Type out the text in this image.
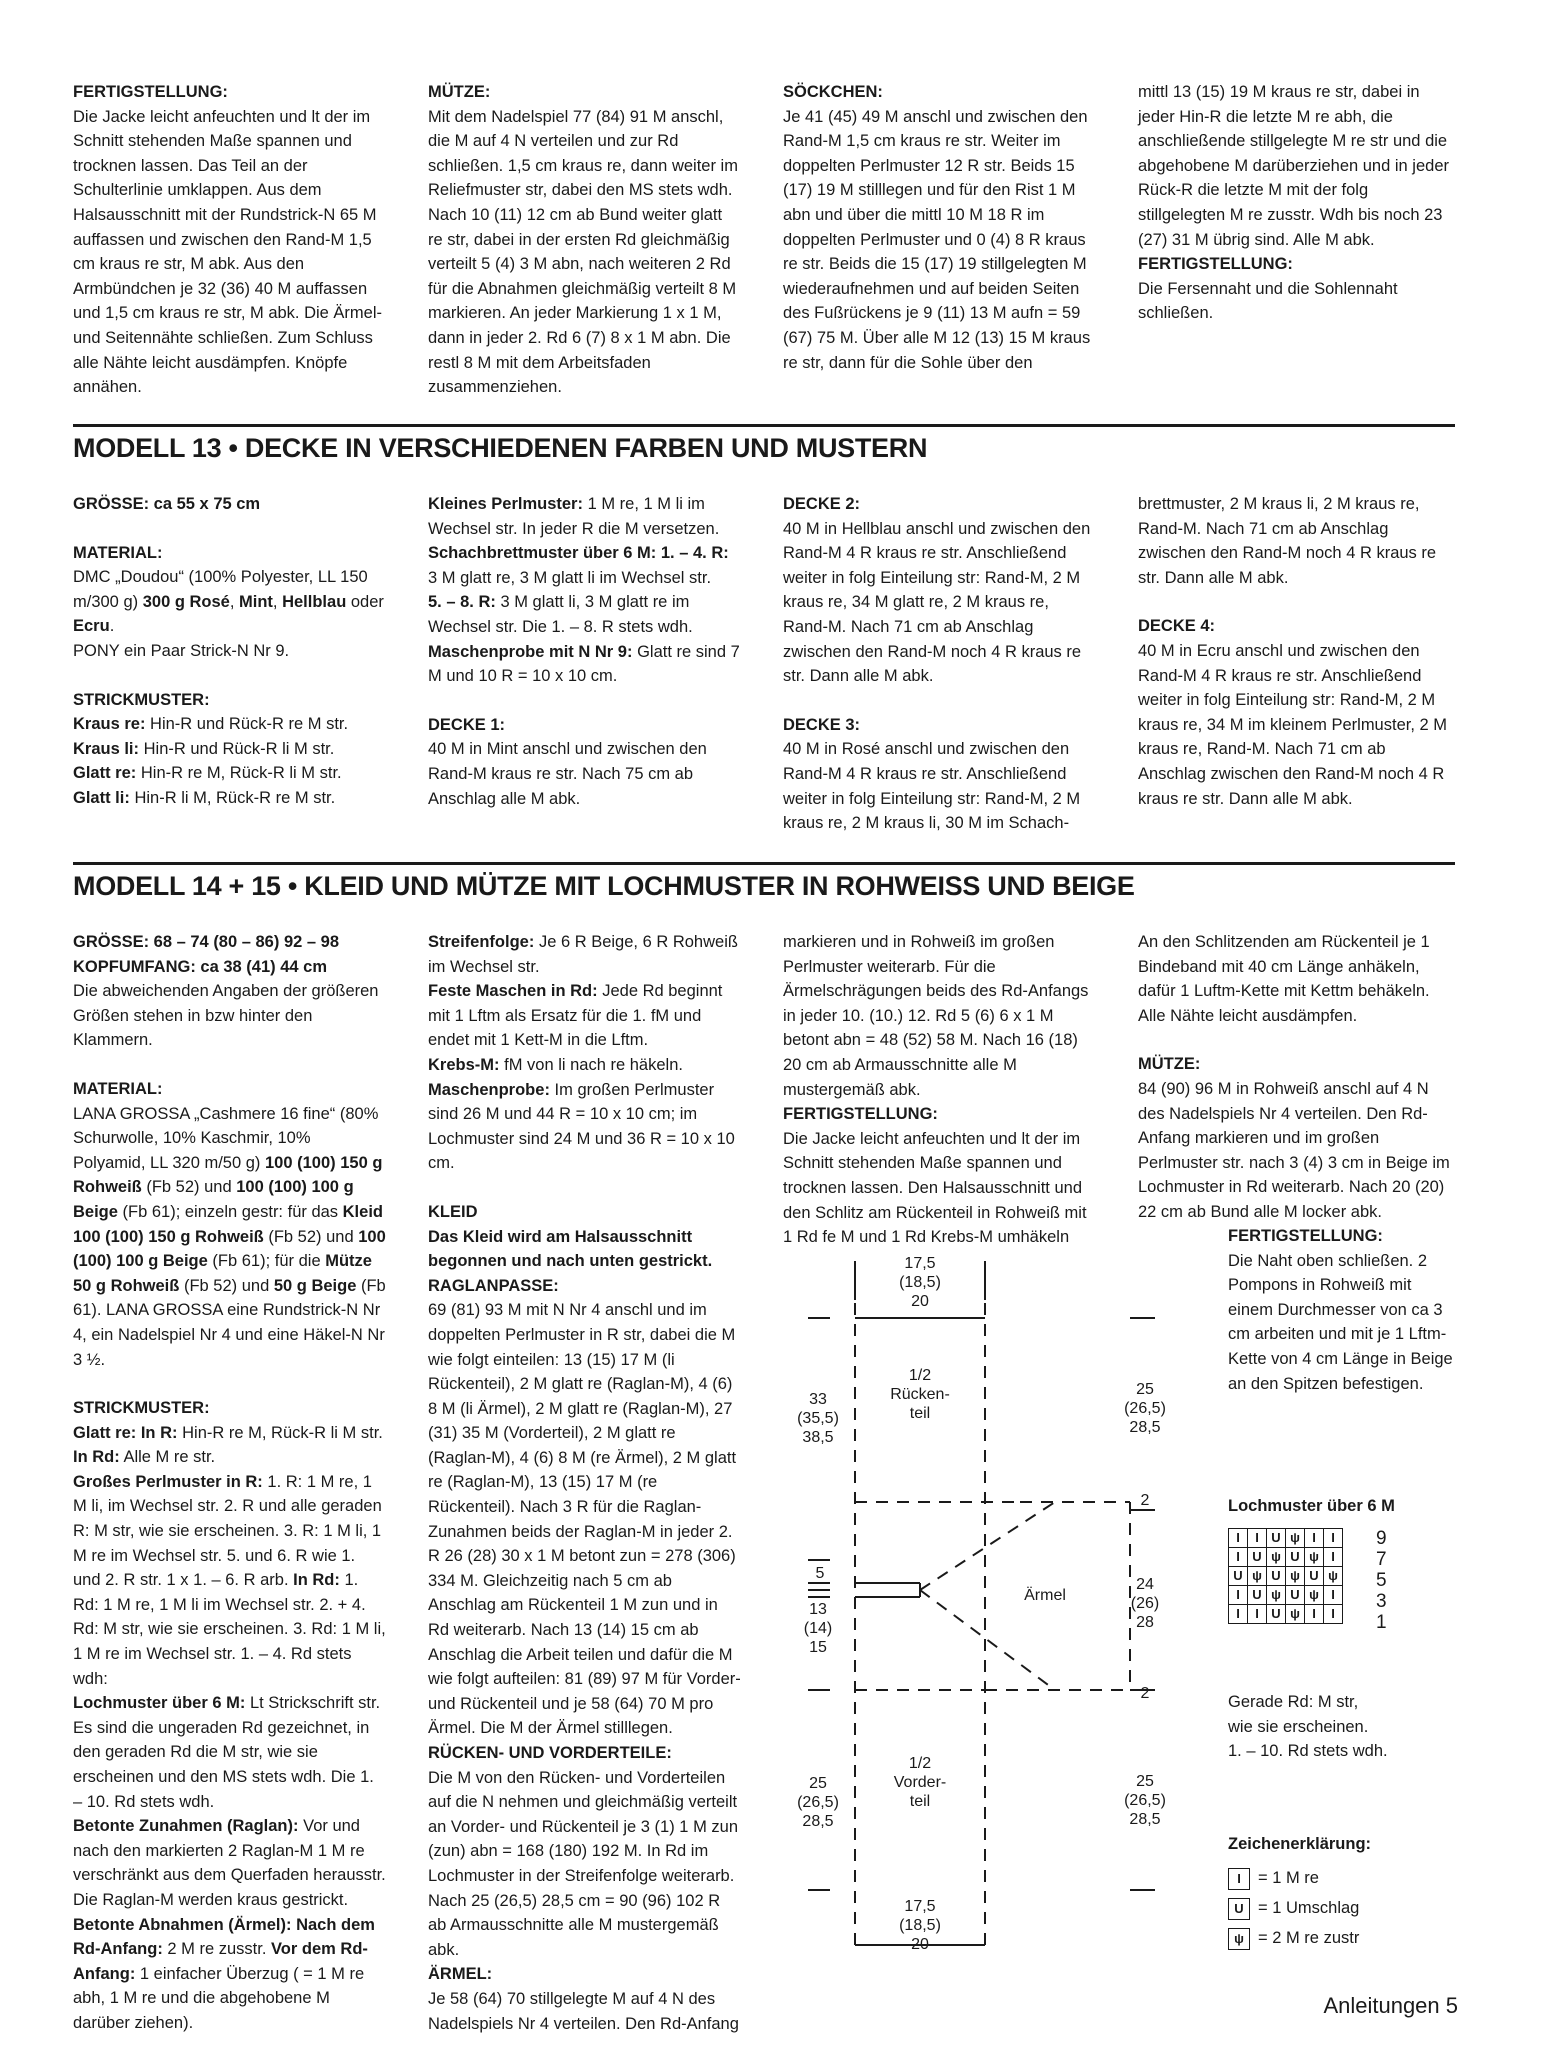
FERTIGSTELLUNG:

Die Jacke leicht anfeuchten und lt der im Schnitt stehenden Maße spannen und trocknen lassen. Das Teil an der Schulterlinie umklappen. Aus dem Halsausschnitt mit der Rundstrick-N 65 M auffassen und zwischen den Rand-M 1,5 cm kraus re str, M abk. Aus den Armbündchen je 32 (36) 40 M auffassen und 1,5 cm kraus re str, M abk. Die Ärmel- und Seitennähte schließen. Zum Schluss alle Nähte leicht ausdämpfen. Knöpfe annähen.

MÜTZE:

Mit dem Nadelspiel 77 (84) 91 M anschl, die M auf 4 N verteilen und zur Rd schließen. 1,5 cm kraus re, dann weiter im Reliefmuster str, dabei den MS stets wdh. Nach 10 (11) 12 cm ab Bund weiter glatt re str, dabei in der ersten Rd gleichmäßig verteilt 5 (4) 3 M abn, nach weiteren 2 Rd für die Abnahmen gleichmäßig verteilt 8 M markieren. An jeder Markierung 1 x 1 M, dann in jeder 2. Rd 6 (7) 8 x 1 M abn. Die restl 8 M mit dem Arbeitsfaden zusammenziehen.

SÖCKCHEN:

Je 41 (45) 49 M anschl und zwischen den Rand-M 1,5 cm kraus re str. Weiter im doppelten Perlmuster 12 R str. Beids 15 (17) 19 M stilllegen und für den Rist 1 M abn und über die mittl 10 M 18 R im doppelten Perlmuster und 0 (4) 8 R kraus re str. Beids die 15 (17) 19 stillgelegten M wiederaufnehmen und auf beiden Seiten des Fußrückens je 9 (11) 13 M aufn = 59 (67) 75 M. Über alle M 12 (13) 15 M kraus re str, dann für die Sohle über den

mittl 13 (15) 19 M kraus re str, dabei in jeder Hin-R die letzte M re abh, die anschließende stillgelegte M re str und die abgehobene M darüberziehen und in jeder Rück-R die letzte M mit der folg stillgelegten M re zusstr. Wdh bis noch 23 (27) 31 M übrig sind. Alle M abk.

FERTIGSTELLUNG:

Die Fersennaht und die Sohlennaht schließen.

MODELL 13 • DECKE IN VERSCHIEDENEN FARBEN UND MUSTERN

GRÖSSE: ca 55 x 75 cm

MATERIAL:

DMC „Doudou“ (100% Polyester, LL 150 m/300 g) 300 g Rosé, Mint, Hellblau oder Ecru.

PONY ein Paar Strick-N Nr 9.

STRICKMUSTER:

Kraus re: Hin-R und Rück-R re M str.

Kraus li: Hin-R und Rück-R li M str.

Glatt re: Hin-R re M, Rück-R li M str.

Glatt li: Hin-R li M, Rück-R re M str.

Kleines Perlmuster: 1 M re, 1 M li im Wechsel str. In jeder R die M versetzen.

Schachbrettmuster über 6 M: 1. – 4. R: 3 M glatt re, 3 M glatt li im Wechsel str.

5. – 8. R: 3 M glatt li, 3 M glatt re im Wechsel str. Die 1. – 8. R stets wdh.

Maschenprobe mit N Nr 9: Glatt re sind 7 M und 10 R = 10 x 10 cm.

DECKE 1:

40 M in Mint anschl und zwischen den Rand-M kraus re str. Nach 75 cm ab Anschlag alle M abk.

DECKE 2:

40 M in Hellblau anschl und zwischen den Rand-M 4 R kraus re str. Anschließend weiter in folg Einteilung str: Rand-M, 2 M kraus re, 34 M glatt re, 2 M kraus re, Rand-M. Nach 71 cm ab Anschlag zwischen den Rand-M noch 4 R kraus re str. Dann alle M abk.

DECKE 3:

40 M in Rosé anschl und zwischen den Rand-M 4 R kraus re str. Anschließend weiter in folg Einteilung str: Rand-M, 2 M kraus re, 2 M kraus li, 30 M im Schach-

brettmuster, 2 M kraus li, 2 M kraus re, Rand-M. Nach 71 cm ab Anschlag zwischen den Rand-M noch 4 R kraus re str. Dann alle M abk.

DECKE 4:

40 M in Ecru anschl und zwischen den Rand-M 4 R kraus re str. Anschließend weiter in folg Einteilung str: Rand-M, 2 M kraus re, 34 M im kleinem Perlmuster, 2 M kraus re, Rand-M. Nach 71 cm ab Anschlag zwischen den Rand-M noch 4 R kraus re str. Dann alle M abk.

MODELL 14 + 15 • KLEID UND MÜTZE MIT LOCHMUSTER IN ROHWEISS UND BEIGE

GRÖSSE: 68 – 74 (80 – 86) 92 – 98

KOPFUMFANG: ca 38 (41) 44 cm

Die abweichenden Angaben der größeren Größen stehen in bzw hinter den Klammern.

MATERIAL:

LANA GROSSA „Cashmere 16 fine“ (80% Schurwolle, 10% Kaschmir, 10% Polyamid, LL 320 m/50 g) 100 (100) 150 g Rohweiß (Fb 52) und 100 (100) 100 g Beige (Fb 61); einzeln gestr: für das Kleid 100 (100) 150 g Rohweiß (Fb 52) und 100 (100) 100 g Beige (Fb 61); für die Mütze 50 g Rohweiß (Fb 52) und 50 g Beige (Fb 61). LANA GROSSA eine Rundstrick-N Nr 4, ein Nadelspiel Nr 4 und eine Häkel-N Nr 3 ½.

STRICKMUSTER:

Glatt re: In R: Hin-R re M, Rück-R li M str.

In Rd: Alle M re str.

Großes Perlmuster in R: 1. R: 1 M re, 1 M li, im Wechsel str. 2. R und alle geraden R: M str, wie sie erscheinen. 3. R: 1 M li, 1 M re im Wechsel str. 5. und 6. R wie 1. und 2. R str. 1 x 1. – 6. R arb. In Rd: 1. Rd: 1 M re, 1 M li im Wechsel str. 2. + 4. Rd: M str, wie sie erscheinen. 3. Rd: 1 M li, 1 M re im Wechsel str. 1. – 4. Rd stets wdh:

Lochmuster über 6 M: Lt Strickschrift str. Es sind die ungeraden Rd gezeichnet, in den geraden Rd die M str, wie sie erscheinen und den MS stets wdh. Die 1. – 10. Rd stets wdh.

Betonte Zunahmen (Raglan): Vor und nach den markierten 2 Raglan-M 1 M re verschränkt aus dem Querfaden herausstr. Die Raglan-M werden kraus gestrickt.

Betonte Abnahmen (Ärmel): Nach dem Rd-Anfang: 2 M re zusstr. Vor dem Rd-Anfang: 1 einfacher Überzug ( = 1 M re abh, 1 M re und die abgehobene M darüber ziehen).

Streifenfolge: Je 6 R Beige, 6 R Rohweiß im Wechsel str.

Feste Maschen in Rd: Jede Rd beginnt mit 1 Lftm als Ersatz für die 1. fM und endet mit 1 Kett-M in die Lftm.

Krebs-M: fM von li nach re häkeln.

Maschenprobe: Im großen Perlmuster sind 26 M und 44 R = 10 x 10 cm; im Lochmuster sind 24 M und 36 R = 10 x 10 cm.

KLEID

Das Kleid wird am Halsausschnitt begonnen und nach unten gestrickt.

RAGLANPASSE:

69 (81) 93 M mit N Nr 4 anschl und im doppelten Perlmuster in R str, dabei die M wie folgt einteilen: 13 (15) 17 M (li Rückenteil), 2 M glatt re (Raglan-M), 4 (6) 8 M (li Ärmel), 2 M glatt re (Raglan-M), 27 (31) 35 M (Vorderteil), 2 M glatt re (Raglan-M), 4 (6) 8 M (re Ärmel), 2 M glatt re (Raglan-M), 13 (15) 17 M (re Rückenteil). Nach 3 R für die Raglan-Zunahmen beids der Raglan-M in jeder 2. R 26 (28) 30 x 1 M betont zun = 278 (306) 334 M. Gleichzeitig nach 5 cm ab Anschlag am Rückenteil 1 M zun und in Rd weiterarb. Nach 13 (14) 15 cm ab Anschlag die Arbeit teilen und dafür die M wie folgt aufteilen: 81 (89) 97 M für Vorder- und Rückenteil und je 58 (64) 70 M pro Ärmel. Die M der Ärmel stilllegen.

RÜCKEN- UND VORDERTEILE:

Die M von den Rücken- und Vorderteilen auf die N nehmen und gleichmäßig verteilt an Vorder- und Rückenteil je 3 (1) 1 M zun (zun) abn = 168 (180) 192 M. In Rd im Lochmuster in der Streifenfolge weiterarb. Nach 25 (26,5) 28,5 cm = 90 (96) 102 R ab Armausschnitte alle M mustergemäß abk.

ÄRMEL:

Je 58 (64) 70 stillgelegte M auf 4 N des Nadelspiels Nr 4 verteilen. Den Rd-Anfang

markieren und in Rohweiß im großen Perlmuster weiterarb. Für die Ärmelschrägungen beids des Rd-Anfangs in jeder 10. (10.) 12. Rd 5 (6) 6 x 1 M betont abn = 48 (52) 58 M. Nach 16 (18) 20 cm ab Armausschnitte alle M mustergemäß abk.

FERTIGSTELLUNG:

Die Jacke leicht anfeuchten und lt der im Schnitt stehenden Maße spannen und trocknen lassen. Den Halsausschnitt und den Schlitz am Rückenteil in Rohweiß mit 1 Rd fe M und 1 Rd Krebs-M umhäkeln

An den Schlitzenden am Rückenteil je 1 Bindeband mit 40 cm Länge anhäkeln, dafür 1 Luftm-Kette mit Kettm behäkeln. Alle Nähte leicht ausdämpfen.

MÜTZE:

84 (90) 96 M in Rohweiß anschl auf 4 N des Nadelspiels Nr 4 verteilen. Den Rd-Anfang markieren und im großen Perlmuster str. nach 3 (4) 3 cm in Beige im Lochmuster in Rd weiterarb. Nach 20 (20) 22 cm ab Bund alle M locker abk.

FERTIGSTELLUNG:

Die Naht oben schließen. 2 Pompons in Rohweiß mit einem Durchmesser von ca 3 cm arbeiten und mit je 1 Lftm-Kette von 4 cm Länge in Beige an den Spitzen befestigen.

17,5
(18,5)
20
33
(35,5)
38,5
25
(26,5)
28,5
1/2
Rücken-
teil
Ärmel
2
2
5
13
(14)
15
24
(26)
28
1/2
Vorder-
teil
25
(26,5)
28,5
25
(26,5)
28,5
17,5
(18,5)
20
Lochmuster über 6 M
I	I	U	ψ	I	I
I	U	ψ	U	ψ	I
U	ψ	U	ψ	U	ψ
I	U	ψ	U	ψ	I
I	I	U	ψ	I	I
9
7
5
3
1

Gerade Rd: M str,

wie sie erscheinen.

1. – 10. Rd stets wdh.

Zeichenerklärung:
I = 1 M re
U = 1 Umschlag
ψ = 2 M re zustr
Anleitungen 5
